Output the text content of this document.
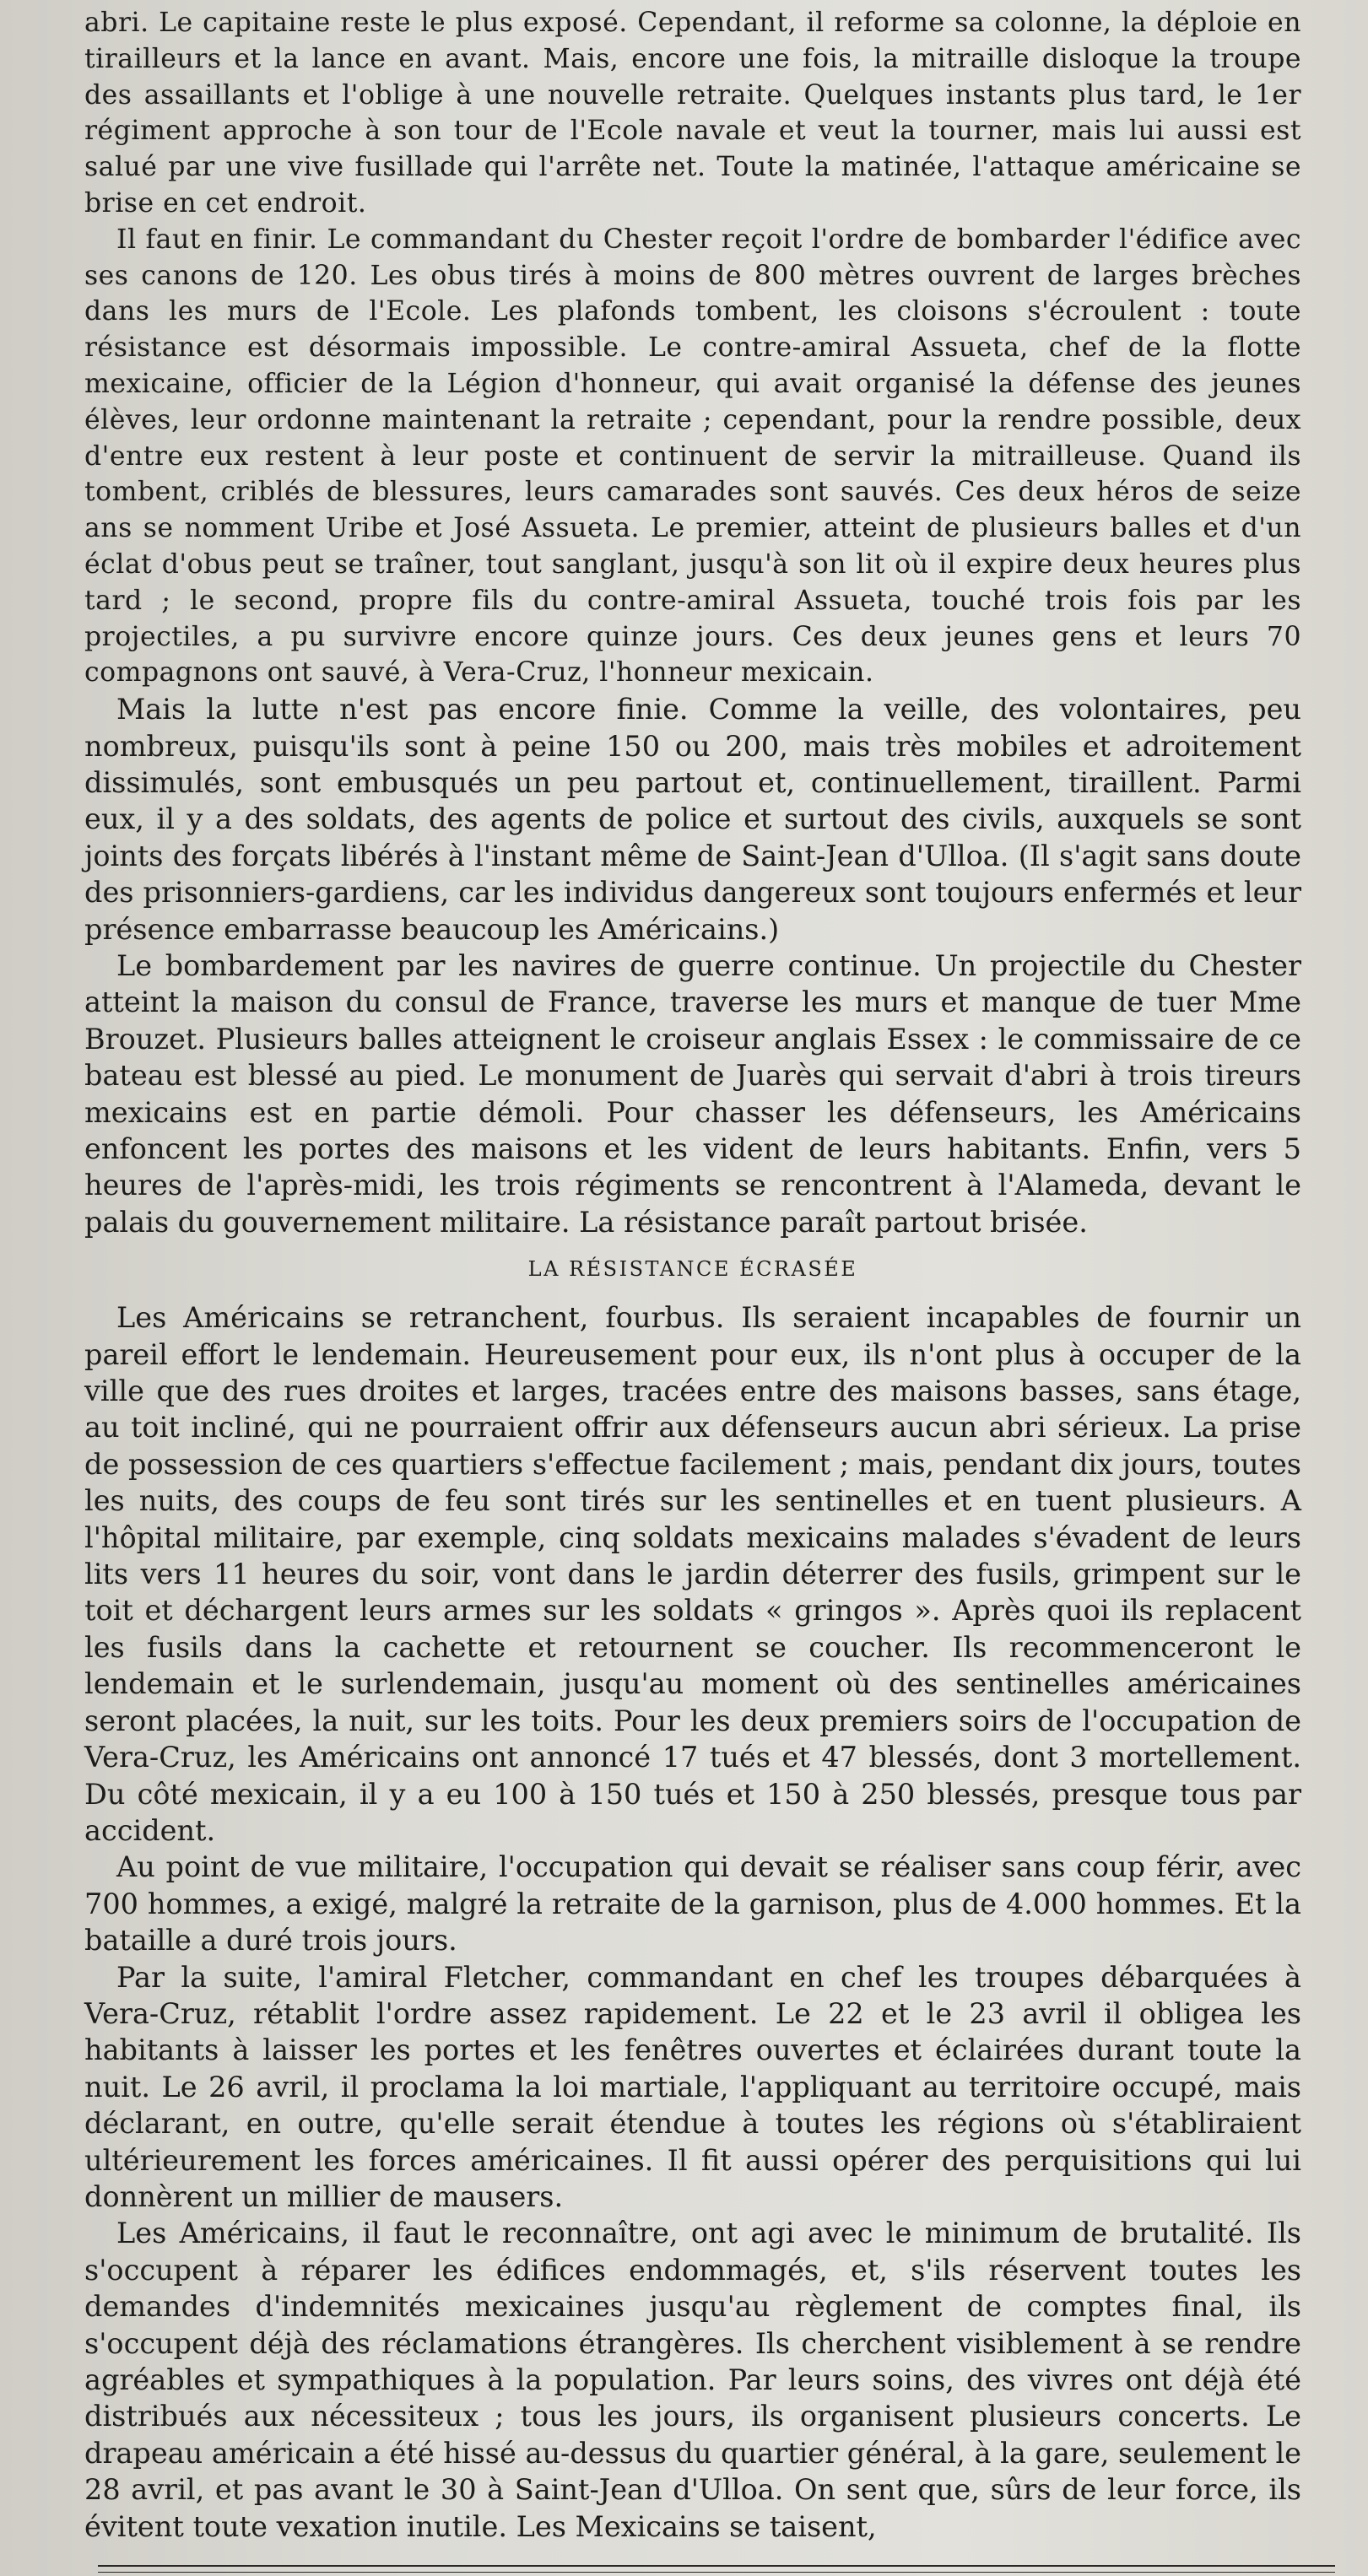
abri. Le capitaine reste le plus exposé. Cependant, il reforme sa colonne, la déploie en tirailleurs et la lance en avant. Mais, encore une fois, la mitraille disloque la troupe des assaillants et l'oblige à une nouvelle retraite. Quelques instants plus tard, le 1er régiment approche à son tour de l'Ecole navale et veut la tourner, mais lui aussi est salué par une vive fusillade qui l'arrête net. Toute la matinée, l'attaque américaine se brise en cet endroit.

Il faut en finir. Le commandant du Chester reçoit l'ordre de bombarder l'édifice avec ses canons de 120. Les obus tirés à moins de 800 mètres ouvrent de larges brèches dans les murs de l'Ecole. Les plafonds tombent, les cloisons s'écroulent : toute résistance est désormais impossible. Le contre-amiral Assueta, chef de la flotte mexicaine, officier de la Légion d'honneur, qui avait organisé la défense des jeunes élèves, leur ordonne maintenant la retraite ; cependant, pour la rendre possible, deux d'entre eux restent à leur poste et continuent de servir la mitrailleuse. Quand ils tombent, criblés de blessures, leurs camarades sont sauvés. Ces deux héros de seize ans se nomment Uribe et José Assueta. Le premier, atteint de plusieurs balles et d'un éclat d'obus peut se traîner, tout sanglant, jusqu'à son lit où il expire deux heures plus tard ; le second, propre fils du contre-amiral Assueta, touché trois fois par les projectiles, a pu survivre encore quinze jours. Ces deux jeunes gens et leurs 70 compagnons ont sauvé, à Vera-Cruz, l'honneur mexicain.

Mais la lutte n'est pas encore finie. Comme la veille, des volontaires, peu nombreux, puisqu'ils sont à peine 150 ou 200, mais très mobiles et adroitement dissimulés, sont embusqués un peu partout et, continuellement, tiraillent. Parmi eux, il y a des soldats, des agents de police et surtout des civils, auxquels se sont joints des forçats libérés à l'instant même de Saint-Jean d'Ulloa. (Il s'agit sans doute des prisonniers-gardiens, car les individus dangereux sont toujours enfermés et leur présence embarrasse beaucoup les Américains.)

Le bombardement par les navires de guerre continue. Un projectile du Chester atteint la maison du consul de France, traverse les murs et manque de tuer Mme Brouzet. Plusieurs balles atteignent le croiseur anglais Essex : le commissaire de ce bateau est blessé au pied. Le monument de Juarès qui servait d'abri à trois tireurs mexicains est en partie démoli. Pour chasser les défenseurs, les Américains enfoncent les portes des maisons et les vident de leurs habitants. Enfin, vers 5 heures de l'après-midi, les trois régiments se rencontrent à l'Alameda, devant le palais du gouvernement militaire. La résistance paraît partout brisée.

LA RÉSISTANCE ÉCRASÉE

Les Américains se retranchent, fourbus. Ils seraient incapables de fournir un pareil effort le lendemain. Heureusement pour eux, ils n'ont plus à occuper de la ville que des rues droites et larges, tracées entre des maisons basses, sans étage, au toit incliné, qui ne pourraient offrir aux défenseurs aucun abri sérieux. La prise de possession de ces quartiers s'effectue facilement ; mais, pendant dix jours, toutes les nuits, des coups de feu sont tirés sur les sentinelles et en tuent plusieurs. A l'hôpital militaire, par exemple, cinq soldats mexicains malades s'évadent de leurs lits vers 11 heures du soir, vont dans le jardin déterrer des fusils, grimpent sur le toit et déchargent leurs armes sur les soldats « gringos ». Après quoi ils replacent les fusils dans la cachette et retournent se coucher. Ils recommenceront le lendemain et le surlendemain, jusqu'au moment où des sentinelles américaines seront placées, la nuit, sur les toits. Pour les deux premiers soirs de l'occupation de Vera-Cruz, les Américains ont annoncé 17 tués et 47 blessés, dont 3 mortellement. Du côté mexicain, il y a eu 100 à 150 tués et 150 à 250 blessés, presque tous par accident.

Au point de vue militaire, l'occupation qui devait se réaliser sans coup férir, avec 700 hommes, a exigé, malgré la retraite de la garnison, plus de 4.000 hommes. Et la bataille a duré trois jours.

Par la suite, l'amiral Fletcher, commandant en chef les troupes débarquées à Vera-Cruz, rétablit l'ordre assez rapidement. Le 22 et le 23 avril il obligea les habitants à laisser les portes et les fenêtres ouvertes et éclairées durant toute la nuit. Le 26 avril, il proclama la loi martiale, l'appliquant au territoire occupé, mais déclarant, en outre, qu'elle serait étendue à toutes les régions où s'établiraient ultérieurement les forces américaines. Il fit aussi opérer des perquisitions qui lui donnèrent un millier de mausers.

Les Américains, il faut le reconnaître, ont agi avec le minimum de brutalité. Ils s'occupent à réparer les édifices endommagés, et, s'ils réservent toutes les demandes d'indemnités mexicaines jusqu'au règlement de comptes final, ils s'occupent déjà des réclamations étrangères. Ils cherchent visiblement à se rendre agréables et sympathiques à la population. Par leurs soins, des vivres ont déjà été distribués aux nécessiteux ; tous les jours, ils organisent plusieurs concerts. Le drapeau américain a été hissé au-dessus du quartier général, à la gare, seulement le 28 avril, et pas avant le 30 à Saint-Jean d'Ulloa. On sent que, sûrs de leur force, ils évitent toute vexation inutile. Les Mexicains se taisent,
